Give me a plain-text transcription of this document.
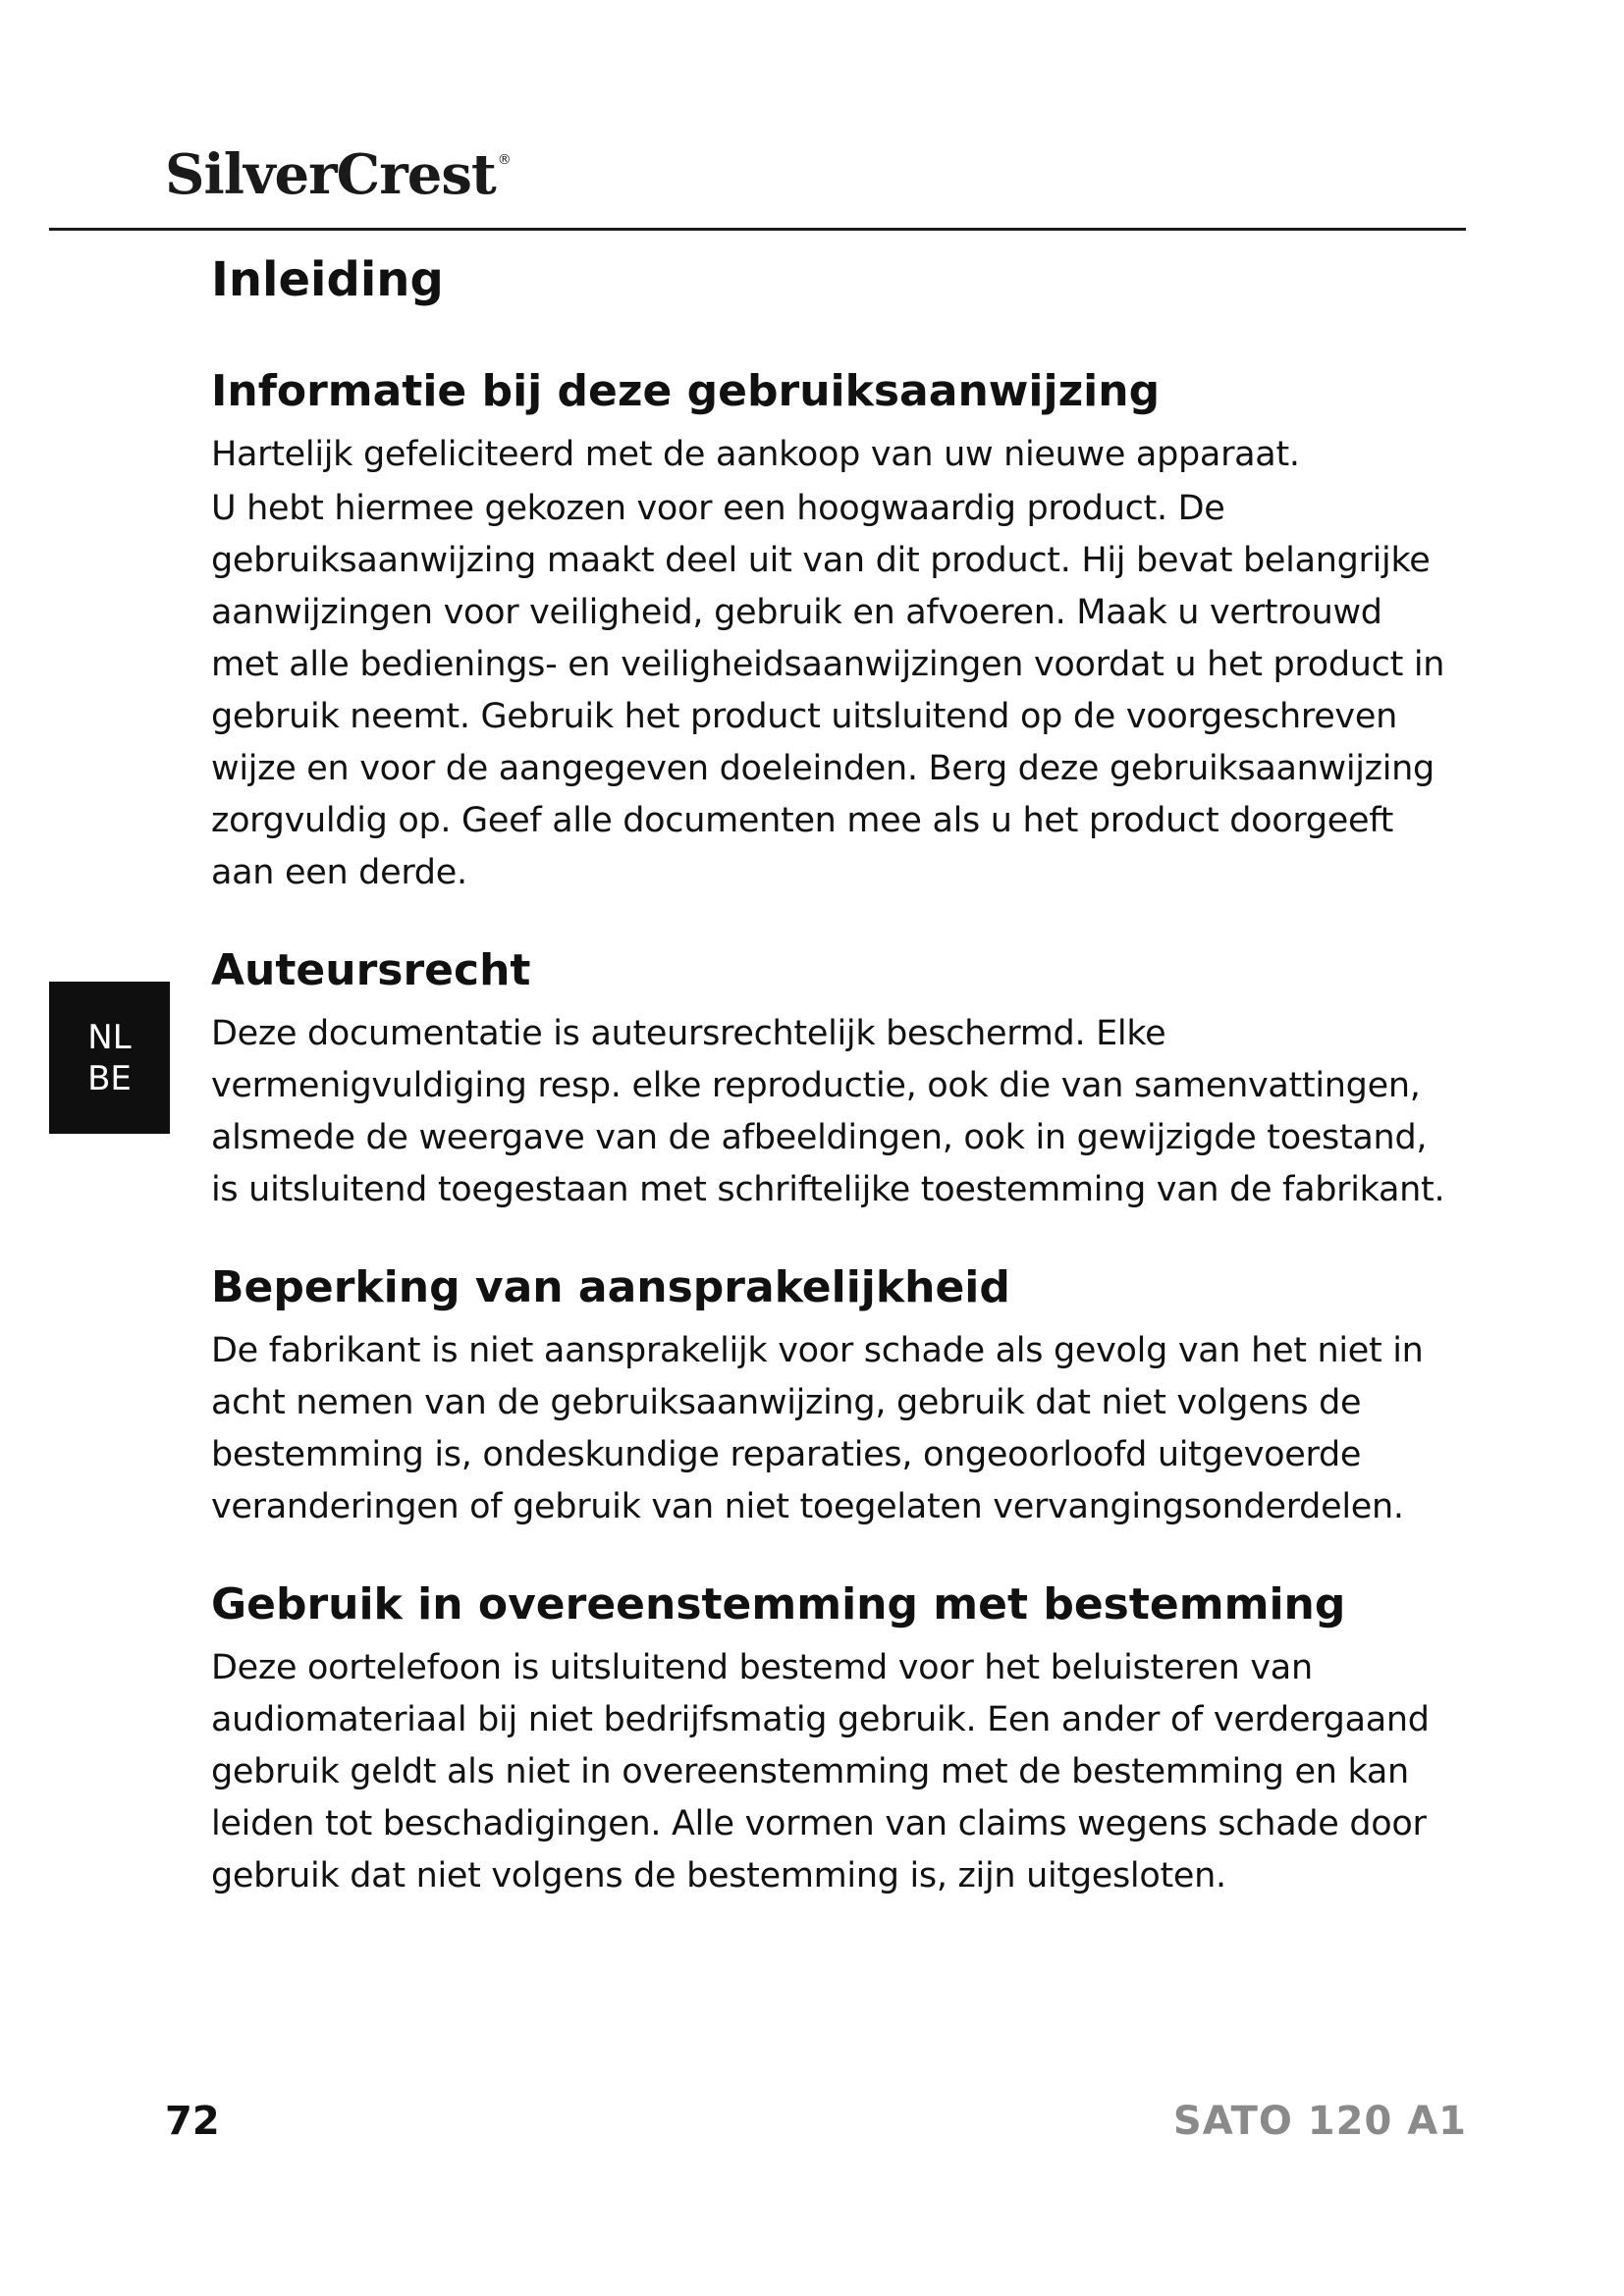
SilverCrest ®
NL
BE
Inleiding
Informatie bij deze gebruiksaanwijzing

Hartelijk gefeliciteerd met de aankoop van uw nieuwe apparaat.

U hebt hiermee gekozen voor een hoogwaardig product. De gebruiksaanwijzing maakt deel uit van dit product. Hij bevat belangrijke aanwijzingen voor veiligheid, gebruik en afvoeren. Maak u vertrouwd met alle bedienings- en veiligheidsaanwijzingen voordat u het product in gebruik neemt. Gebruik het product uitsluitend op de voorgeschreven wijze en voor de aangegeven doeleinden. Berg deze gebruiksaanwijzing zorgvuldig op. Geef alle documenten mee als u het product doorgeeft aan een derde.

Auteursrecht

Deze documentatie is auteursrechtelijk beschermd. Elke vermenigvuldiging resp. elke reproductie, ook die van samenvattingen, alsmede de weergave van de afbeeldingen, ook in gewijzigde toestand, is uitsluitend toegestaan met schriftelijke toestemming van de fabrikant.

Beperking van aansprakelijkheid

De fabrikant is niet aansprakelijk voor schade als gevolg van het niet in acht nemen van de gebruiksaanwijzing, gebruik dat niet volgens de bestemming is, ondeskundige reparaties, ongeoorloofd uitgevoerde veranderingen of gebruik van niet toegelaten vervangingsonderdelen.

Gebruik in overeenstemming met bestemming

Deze oortelefoon is uitsluitend bestemd voor het beluisteren van audiomateriaal bij niet bedrijfsmatig gebruik. Een ander of verdergaand gebruik geldt als niet in overeenstemming met de bestemming en kan leiden tot beschadigingen. Alle vormen van claims wegens schade door gebruik dat niet volgens de bestemming is, zijn uitgesloten.

72	SATO 120 A1
